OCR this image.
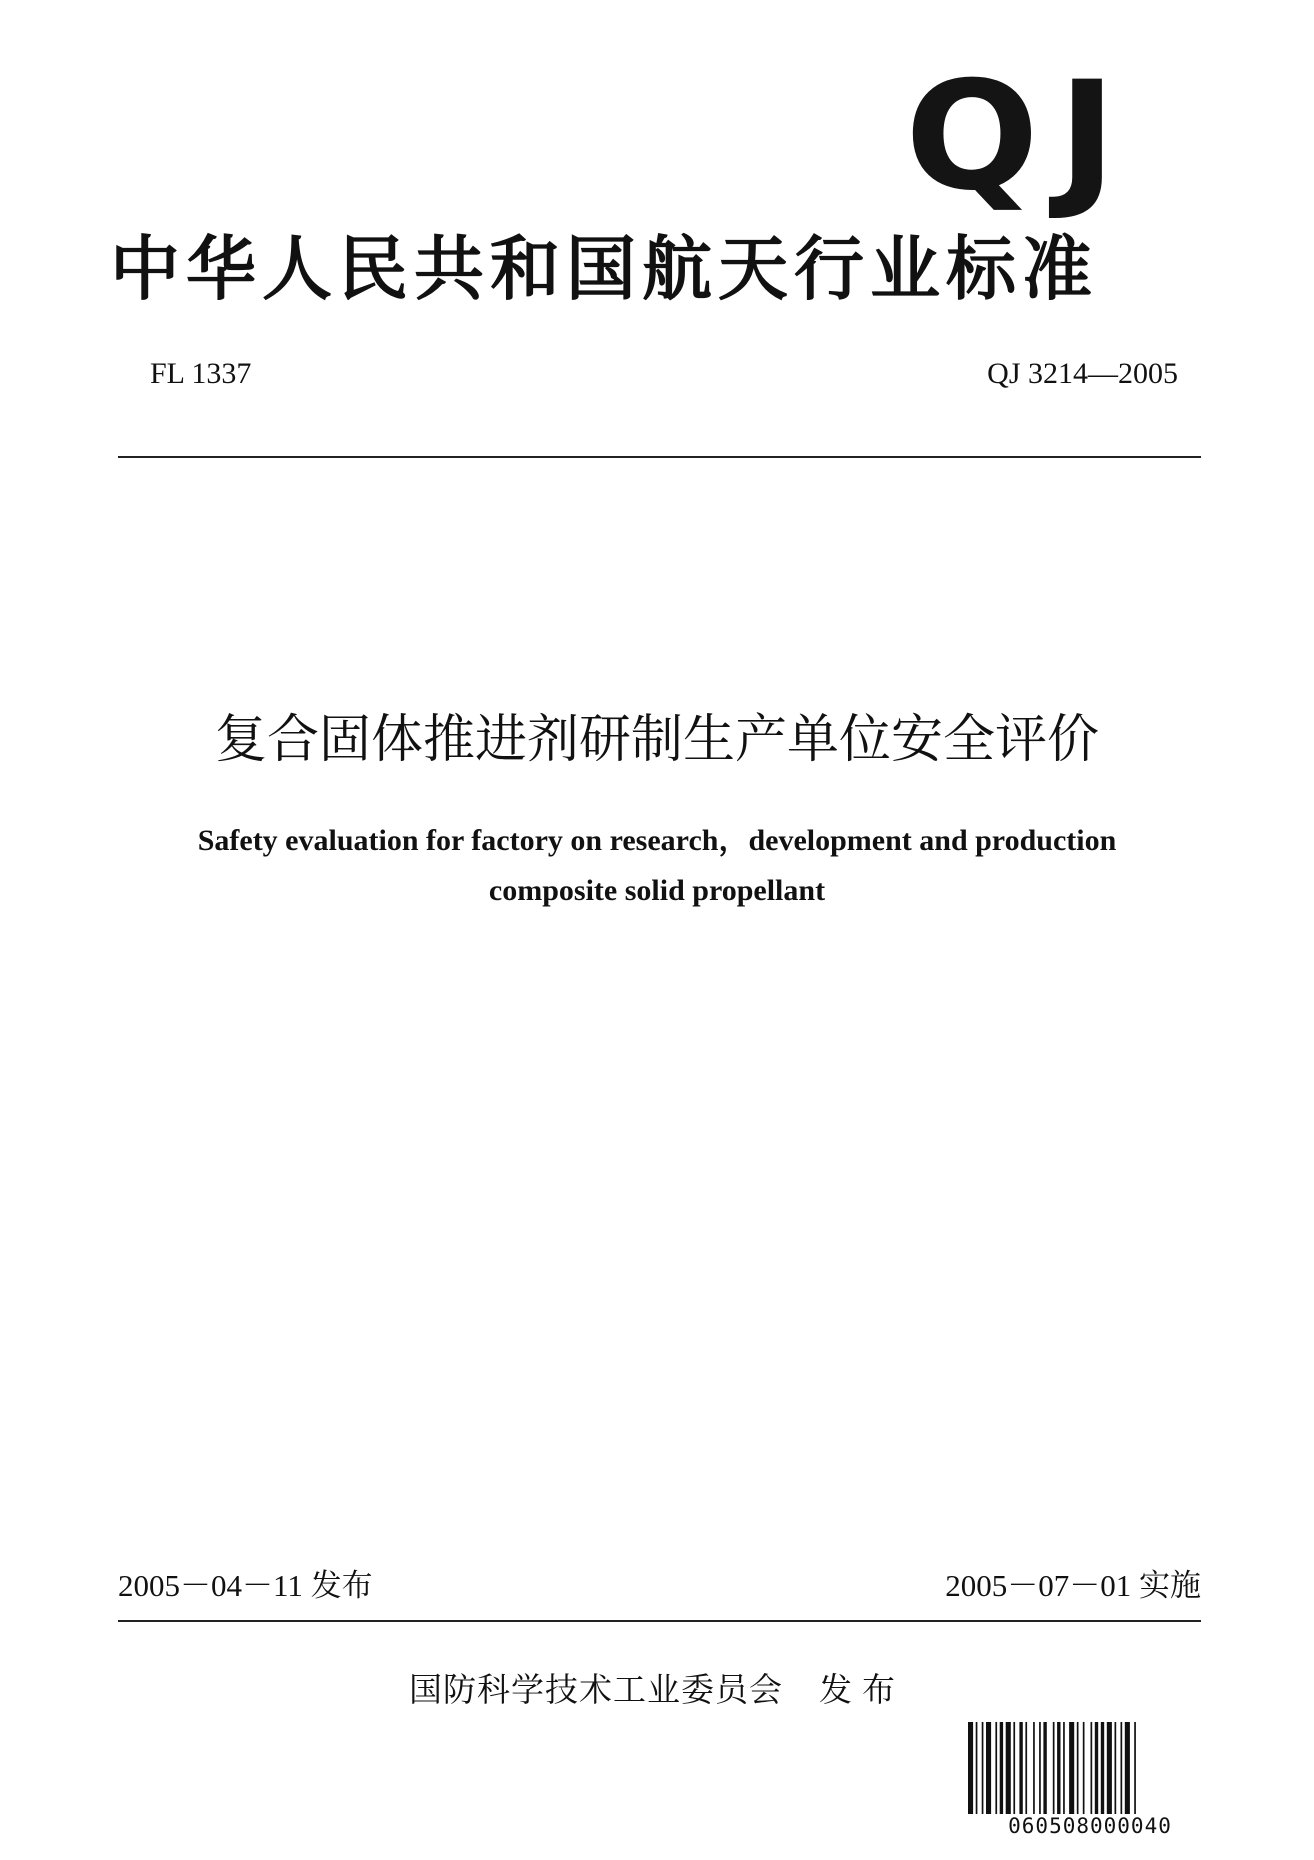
QJ
中华人民共和国航天行业标准
FL 1337	QJ 3214—2005
复合固体推进剂研制生产单位安全评价
Safety evaluation for factory on research，development and production
composite solid propellant
2005－04－11 发布	2005－07－01 实施
国防科学技术工业委员会 发布
060508000040
